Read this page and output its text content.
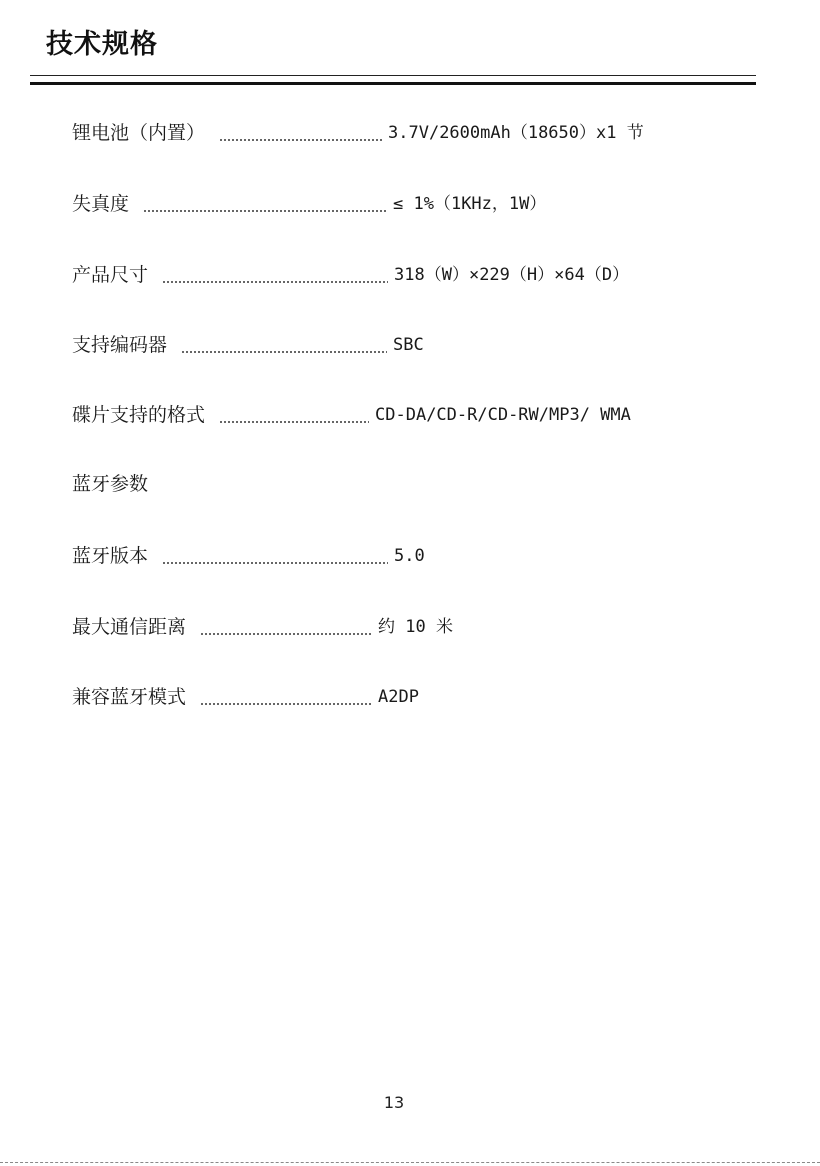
技术规格
锂电池（内置）	3.7V/2600mAh（18650）x1 节
失真度	≤ 1%（1KHz，1W）
产品尺寸	318（W）×229（H）×64（D）
支持编码器	SBC
碟片支持的格式	CD-DA/CD-R/CD-RW/MP3/ WMA
蓝牙参数
蓝牙版本	5.0
最大通信距离	约 10 米
兼容蓝牙模式	A2DP
13
